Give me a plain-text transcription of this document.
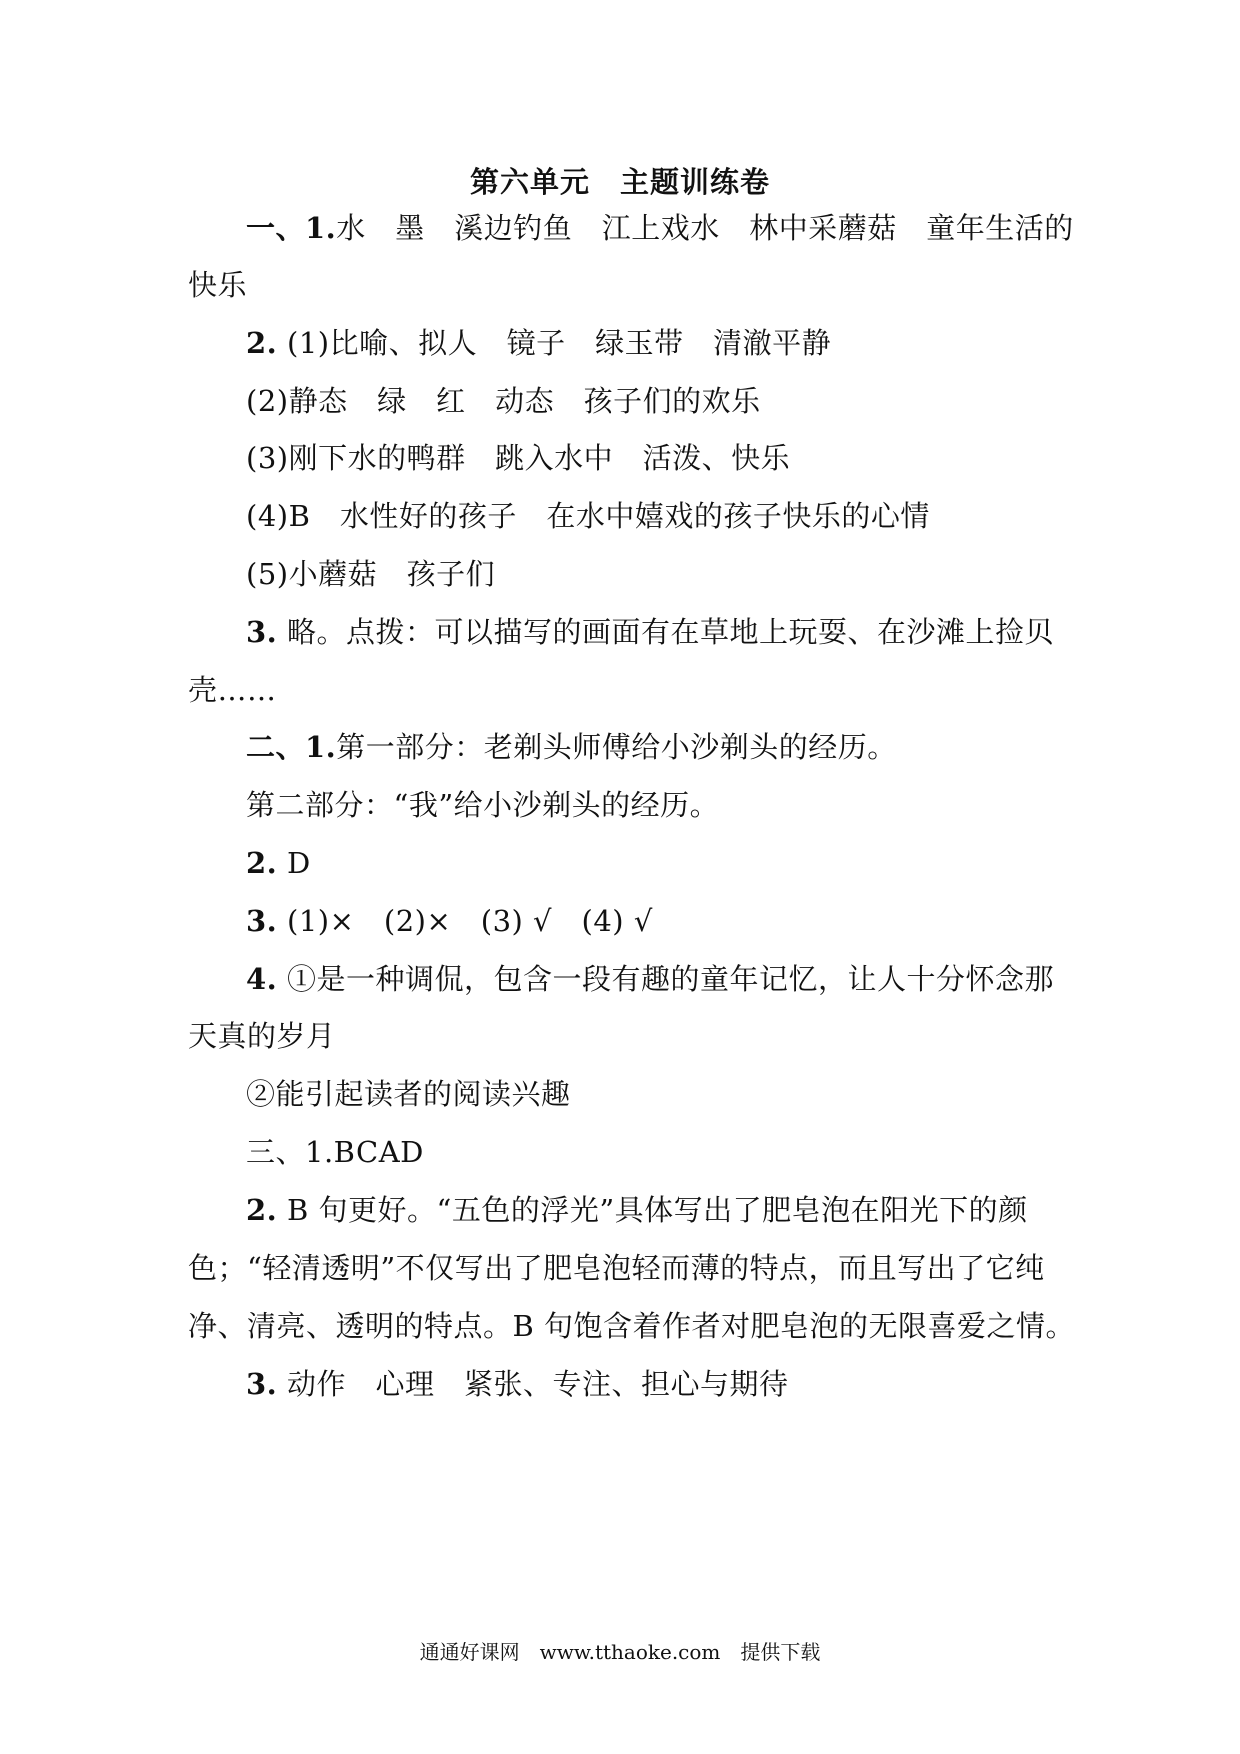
第六单元　主题训练卷
一、1.水　墨　溪边钓鱼　江上戏水　林中采蘑菇　童年生活的
快乐
2. (1)比喻、拟人　镜子　绿玉带　清澈平静
(2)静态　绿　红　动态　孩子们的欢乐
(3)刚下水的鸭群　跳入水中　活泼、快乐
(4)B　水性好的孩子　在水中嬉戏的孩子快乐的心情
(5)小蘑菇　孩子们
3. 略。点拨：可以描写的画面有在草地上玩耍、在沙滩上捡贝
壳……
二、1.第一部分：老剃头师傅给小沙剃头的经历。
第二部分：“我”给小沙剃头的经历。
2. D
3. (1)×　(2)×　(3) √　(4) √
4. ①是一种调侃，包含一段有趣的童年记忆，让人十分怀念那
天真的岁月
②能引起读者的阅读兴趣
三、1.BCAD
2. B 句更好。“五色的浮光”具体写出了肥皂泡在阳光下的颜
色；“轻清透明”不仅写出了肥皂泡轻而薄的特点，而且写出了它纯
净、清亮、透明的特点。B 句饱含着作者对肥皂泡的无限喜爱之情。
3. 动作　心理　紧张、专注、担心与期待
通通好课网　www.tthaoke.com　提供下载
